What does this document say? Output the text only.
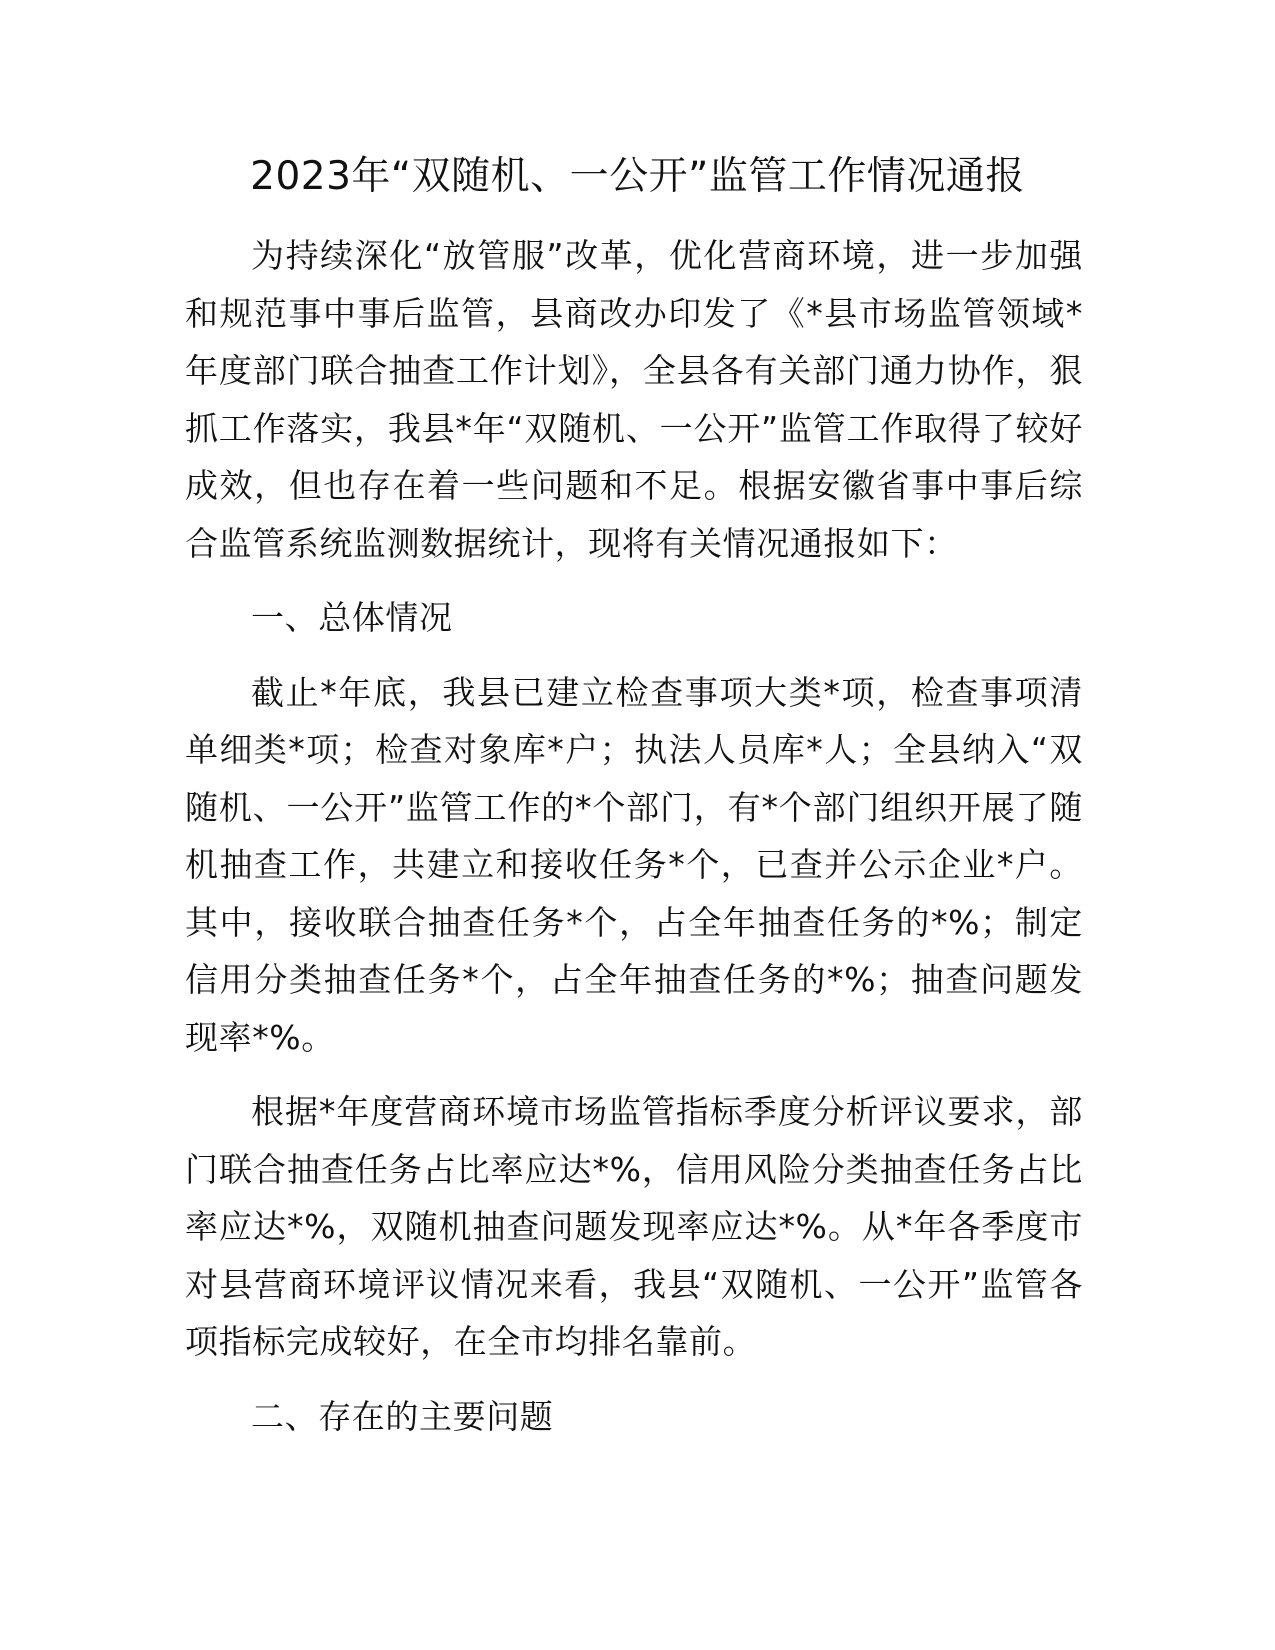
2023年“双随机、一公开”监管工作情况通报

为持续深化“放管服”改革，优化营商环境，进一步加强和规范事中事后监管，县商改办印发了《*县市场监管领域*年度部门联合抽查工作计划》，全县各有关部门通力协作，狠抓工作落实，我县*年“双随机、一公开”监管工作取得了较好成效，但也存在着一些问题和不足。根据安徽省事中事后综合监管系统监测数据统计，现将有关情况通报如下：

一、总体情况

截止*年底，我县已建立检查事项大类*项，检查事项清单细类*项；检查对象库*户；执法人员库*人；全县纳入“双随机、一公开”监管工作的*个部门，有*个部门组织开展了随机抽查工作，共建立和接收任务*个，已查并公示企业*户。其中，接收联合抽查任务*个，占全年抽查任务的*%；制定信用分类抽查任务*个，占全年抽查任务的*%；抽查问题发现率*%。

根据*年度营商环境市场监管指标季度分析评议要求，部门联合抽查任务占比率应达*%，信用风险分类抽查任务占比率应达*%，双随机抽查问题发现率应达*%。从*年各季度市对县营商环境评议情况来看，我县“双随机、一公开”监管各项指标完成较好，在全市均排名靠前。

二、存在的主要问题
